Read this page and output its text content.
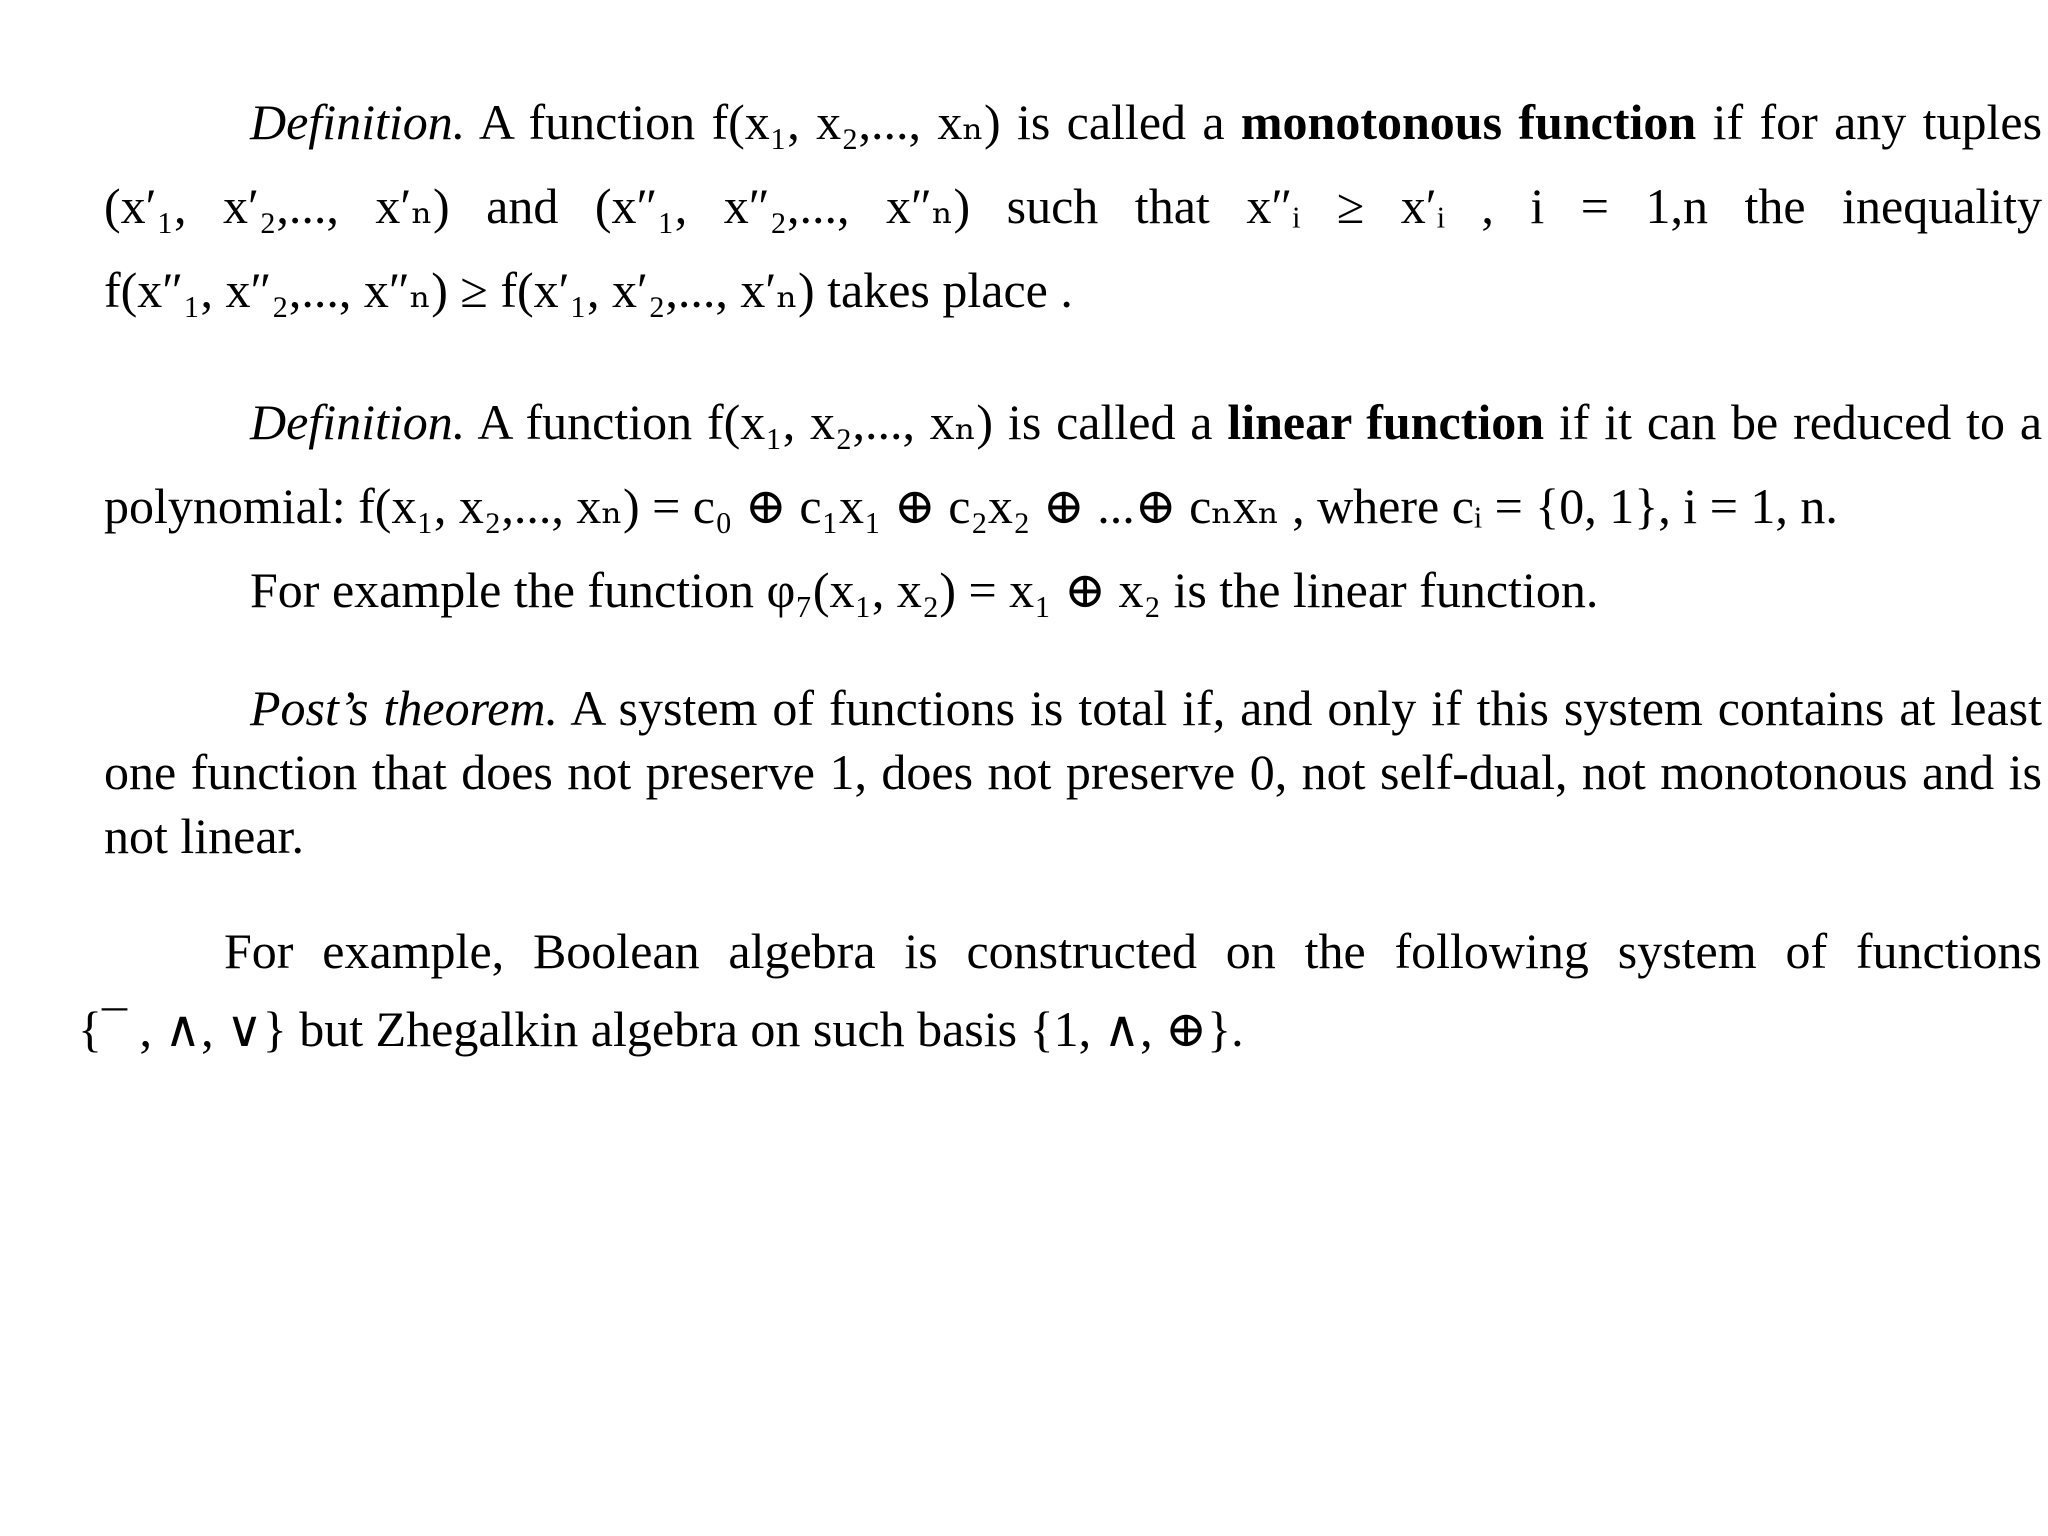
Definition. A function f(x₁, x₂,..., xₙ) is called a monotonous function if for any tuples (x′₁, x′₂,..., x′ₙ) and (x″₁, x″₂,..., x″ₙ) such that x″ᵢ ≥ x′ᵢ , i = 1,n the inequality f(x″₁, x″₂,..., x″ₙ) ≥ f(x′₁, x′₂,..., x′ₙ) takes place .

Definition. A function f(x₁, x₂,..., xₙ) is called a linear function if it can be reduced to a polynomial: f(x₁, x₂,..., xₙ) = c₀ ⊕ c₁x₁ ⊕ c₂x₂ ⊕ ...⊕ cₙxₙ , where cᵢ = {0, 1}, i = 1, n.

For example the function φ₇(x₁, x₂) = x₁ ⊕ x₂ is the linear function.

Post’s theorem. A system of functions is total if, and only if this system contains at least one function that does not preserve 1, does not preserve 0, not self-dual, not monotonous and is not linear.

For example, Boolean algebra is constructed on the following system of functions {¯ , ∧, ∨} but Zhegalkin algebra on such basis {1, ∧, ⊕}.
